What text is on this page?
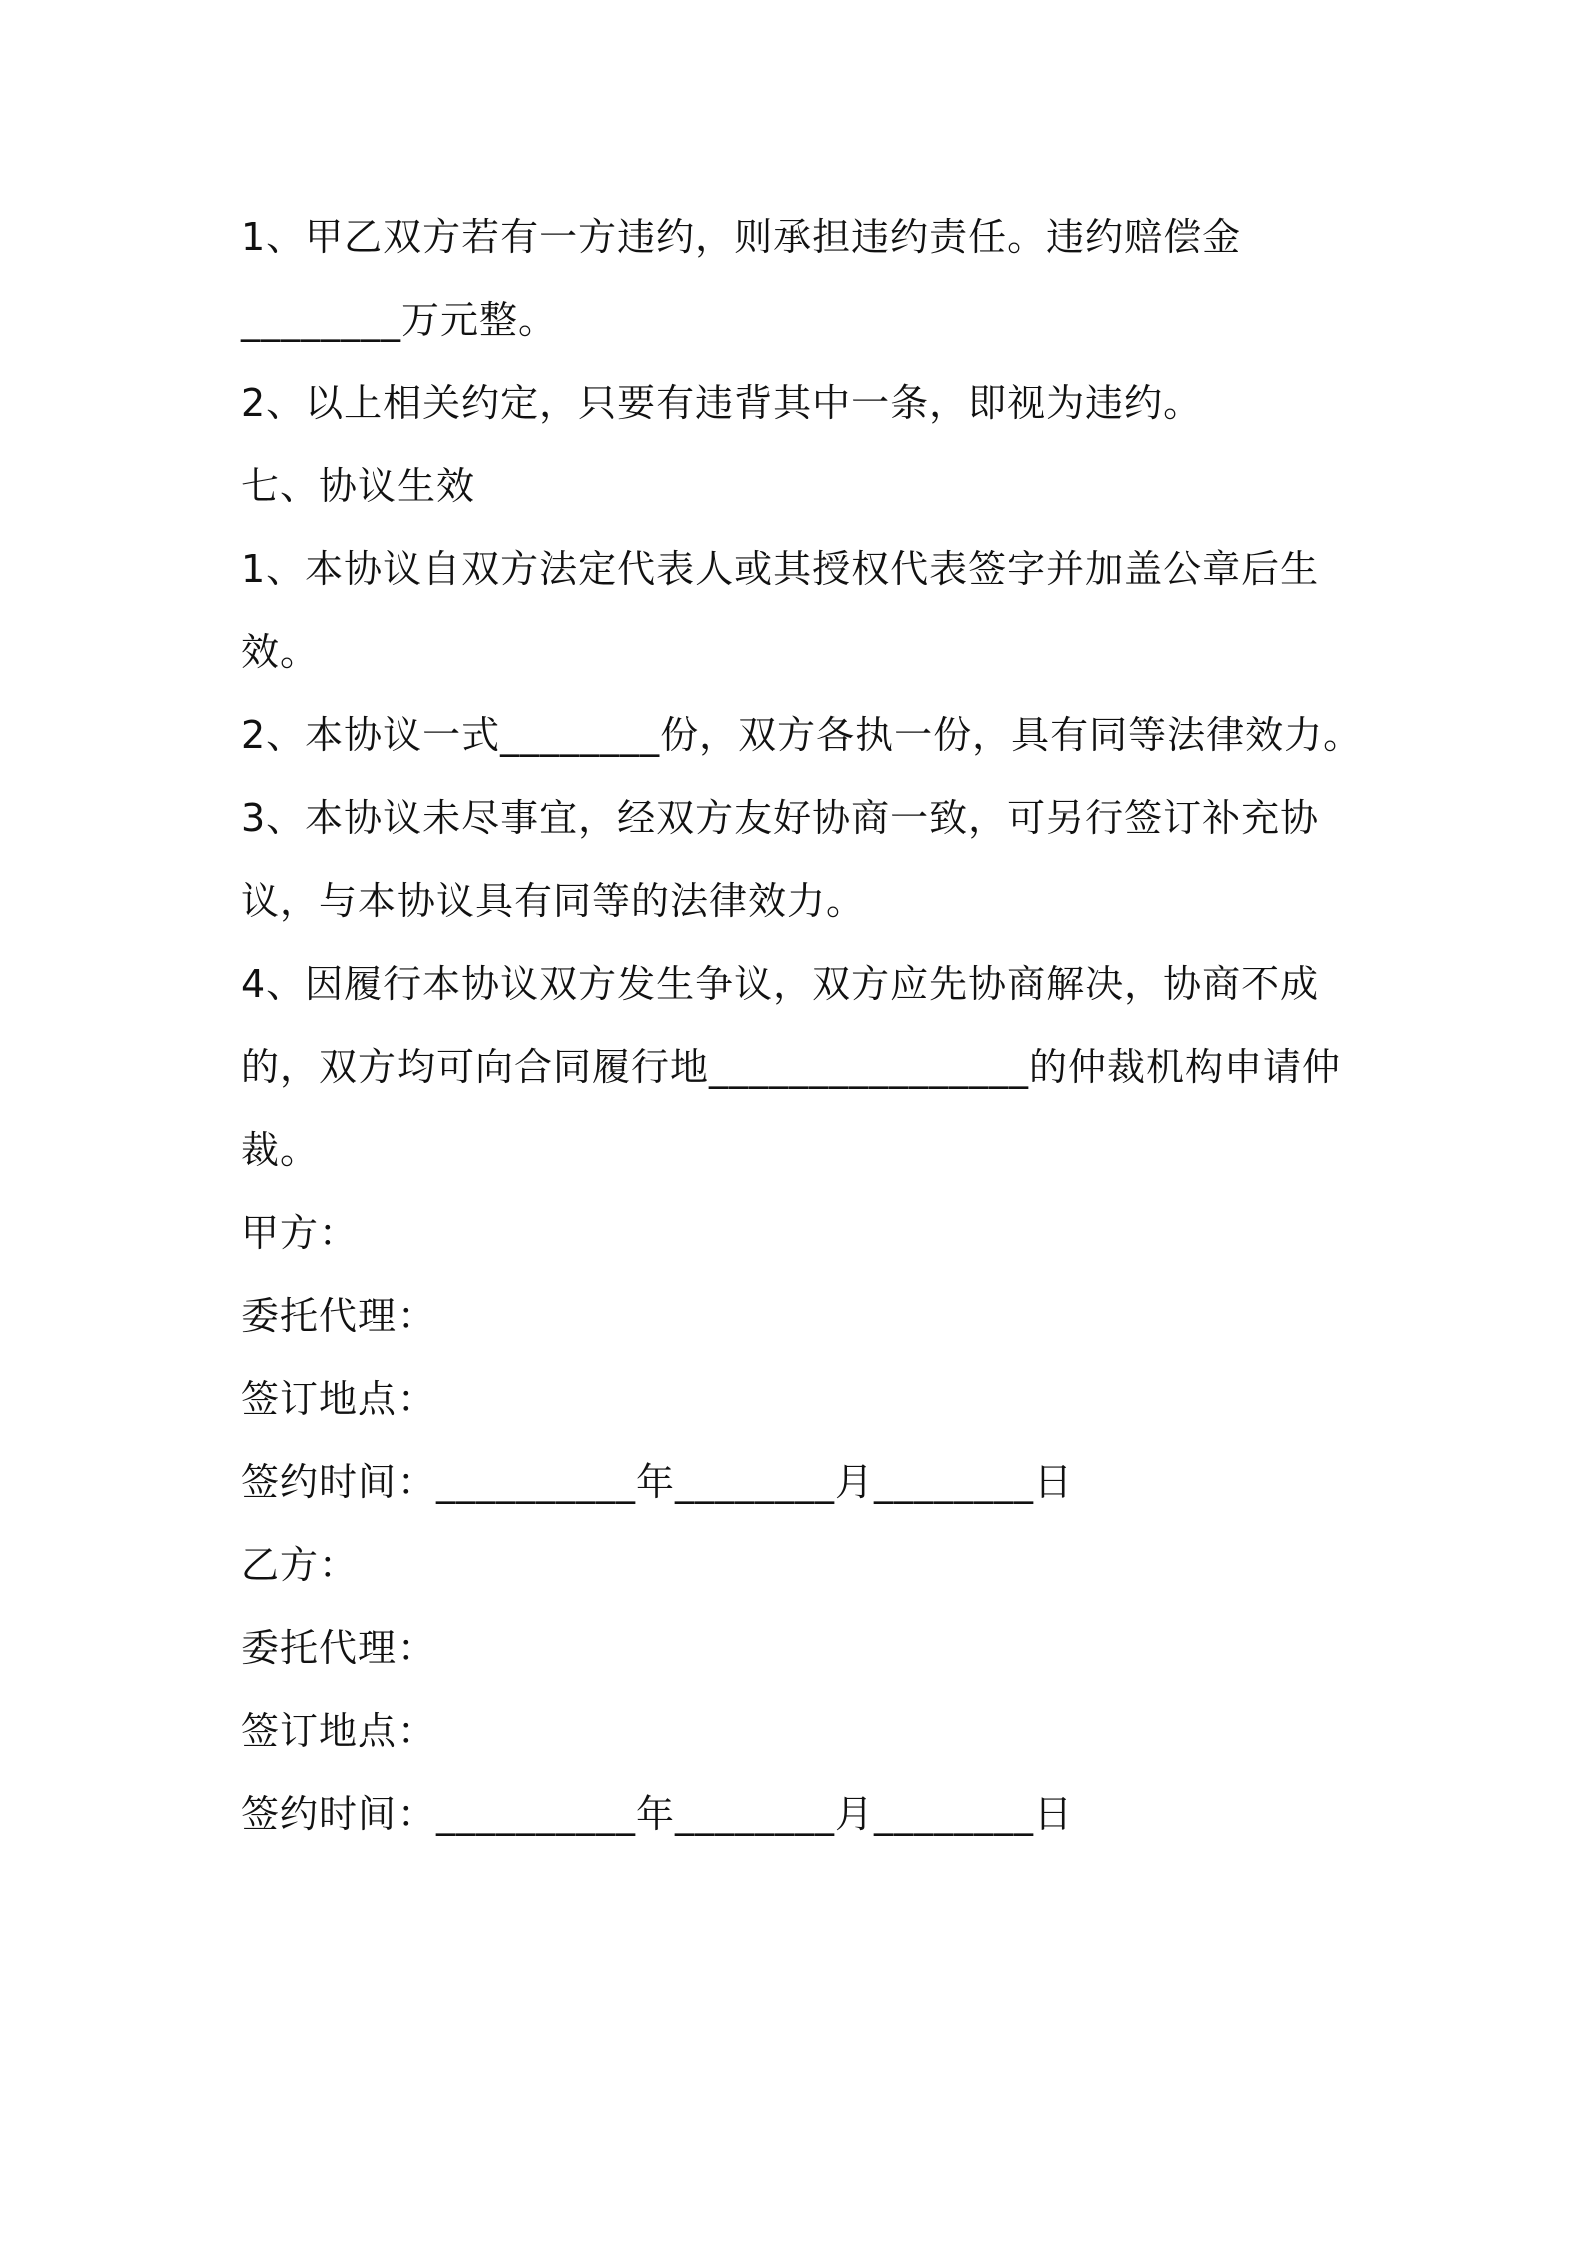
1、甲乙双方若有一方违约，则承担违约责任。违约赔偿金
________万元整。
2、以上相关约定，只要有违背其中一条，即视为违约。
七、协议生效
1、本协议自双方法定代表人或其授权代表签字并加盖公章后生
效。
2、本协议一式________份，双方各执一份，具有同等法律效力。
3、本协议未尽事宜，经双方友好协商一致，可另行签订补充协
议，与本协议具有同等的法律效力。
4、因履行本协议双方发生争议，双方应先协商解决，协商不成
的，双方均可向合同履行地________________的仲裁机构申请仲
裁。
甲方：
委托代理：
签订地点：
签约时间：__________年________月________日
乙方：
委托代理：
签订地点：
签约时间：__________年________月________日
